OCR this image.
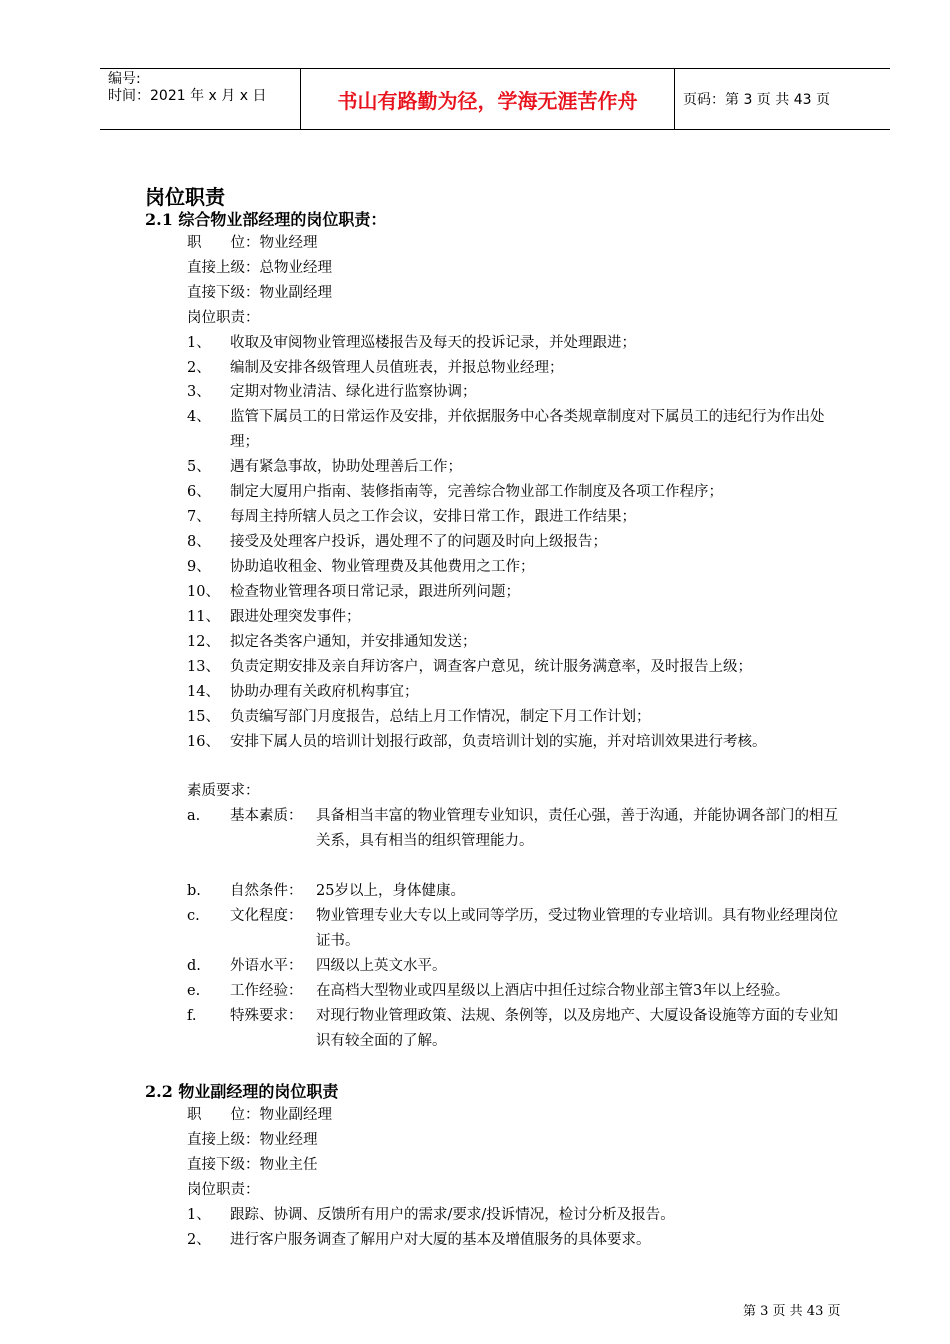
编号:
时间：2021 年 x 月 x 日	书山有路勤为径，学海无涯苦作舟	页码：第 3 页 共 43 页
岗位职责
2.1 综合物业部经理的岗位职责：
职　　位：物业经理
直接上级：总物业经理
直接下级：物业副经理
岗位职责：
1、 收取及审阅物业管理巡楼报告及每天的投诉记录，并处理跟进；
2、 编制及安排各级管理人员值班表，并报总物业经理；
3、 定期对物业清洁、绿化进行监察协调；
4、 监管下属员工的日常运作及安排，并依据服务中心各类规章制度对下属员工的违纪行为作出处理；
5、 遇有紧急事故，协助处理善后工作；
6、 制定大厦用户指南、装修指南等，完善综合物业部工作制度及各项工作程序；
7、 每周主持所辖人员之工作会议，安排日常工作，跟进工作结果；
8、 接受及处理客户投诉，遇处理不了的问题及时向上级报告；
9、 协助追收租金、物业管理费及其他费用之工作；
10、 检查物业管理各项日常记录，跟进所列问题；
11、 跟进处理突发事件；
12、 拟定各类客户通知，并安排通知发送；
13、 负责定期安排及亲自拜访客户，调查客户意见，统计服务满意率，及时报告上级；
14、 协助办理有关政府机构事宜；
15、 负责编写部门月度报告，总结上月工作情况，制定下月工作计划；
16、 安排下属人员的培训计划报行政部，负责培训计划的实施，并对培训效果进行考核。
素质要求：
a. 基本素质： 具备相当丰富的物业管理专业知识，责任心强，善于沟通，并能协调各部门的相互
关系，具有相当的组织管理能力。
b. 自然条件： 25岁以上，身体健康。
c. 文化程度： 物业管理专业大专以上或同等学历，受过物业管理的专业培训。具有物业经理岗位证书。
d. 外语水平： 四级以上英文水平。
e. 工作经验： 在高档大型物业或四星级以上酒店中担任过综合物业部主管3年以上经验。
f. 特殊要求： 对现行物业管理政策、法规、条例等，以及房地产、大厦设备设施等方面的专业知识有较全面的了解。
2.2 物业副经理的岗位职责
职　　位：物业副经理
直接上级：物业经理
直接下级：物业主任
岗位职责：
1、 跟踪、协调、反馈所有用户的需求/要求/投诉情况，检讨分析及报告。
2、 进行客户服务调查了解用户对大厦的基本及增值服务的具体要求。
第 3 页 共 43 页
